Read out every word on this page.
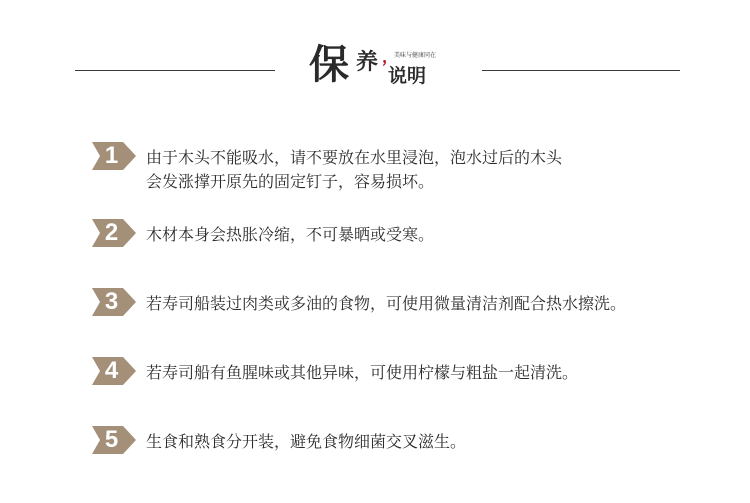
保 养 ，
美味与健康同在
说明
1	由于木头不能吸水，请不要放在水里浸泡，泡水过后的木头
会发涨撑开原先的固定钉子，容易损坏。
2	木材本身会热胀冷缩，不可暴晒或受寒。
3	若寿司船装过肉类或多油的食物，可使用微量清洁剂配合热水擦洗。
4	若寿司船有鱼腥味或其他异味，可使用柠檬与粗盐一起清洗。
5	生食和熟食分开装，避免食物细菌交叉滋生。
